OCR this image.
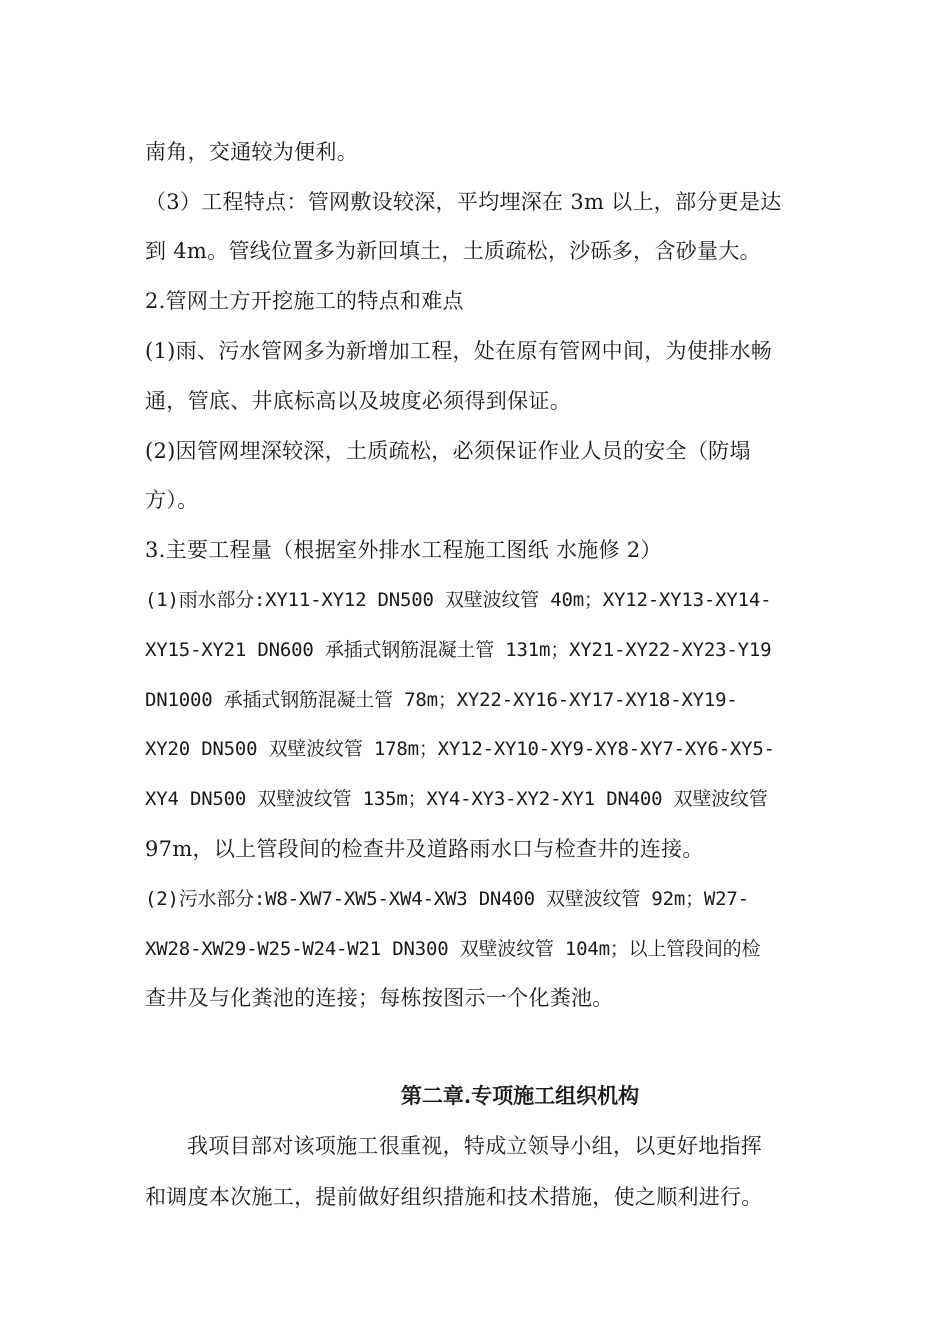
南角，交通较为便利。
（3）工程特点：管网敷设较深，平均埋深在 3m 以上，部分更是达
到 4m。管线位置多为新回填土，土质疏松，沙砾多，含砂量大。
2.管网土方开挖施工的特点和难点
(1)雨、污水管网多为新增加工程，处在原有管网中间，为使排水畅
通，管底、井底标高以及坡度必须得到保证。
(2)因管网埋深较深，土质疏松，必须保证作业人员的安全（防塌
方）。
3.主要工程量（根据室外排水工程施工图纸 水施修 2）
(1)雨水部分:XY11-XY12 DN500 双壁波纹管 40m；XY12-XY13-XY14-
XY15-XY21 DN600 承插式钢筋混凝土管 131m；XY21-XY22-XY23-Y19
DN1000 承插式钢筋混凝土管 78m；XY22-XY16-XY17-XY18-XY19-
XY20 DN500 双壁波纹管 178m；XY12-XY10-XY9-XY8-XY7-XY6-XY5-
XY4 DN500 双壁波纹管 135m；XY4-XY3-XY2-XY1 DN400 双壁波纹管
97m，以上管段间的检查井及道路雨水口与检查井的连接。
(2)污水部分:W8-XW7-XW5-XW4-XW3 DN400 双壁波纹管 92m；W27-
XW28-XW29-W25-W24-W21 DN300 双壁波纹管 104m；以上管段间的检
查井及与化粪池的连接；每栋按图示一个化粪池。
第二章.专项施工组织机构
我项目部对该项施工很重视，特成立领导小组，以更好地指挥
和调度本次施工，提前做好组织措施和技术措施，使之顺利进行。
